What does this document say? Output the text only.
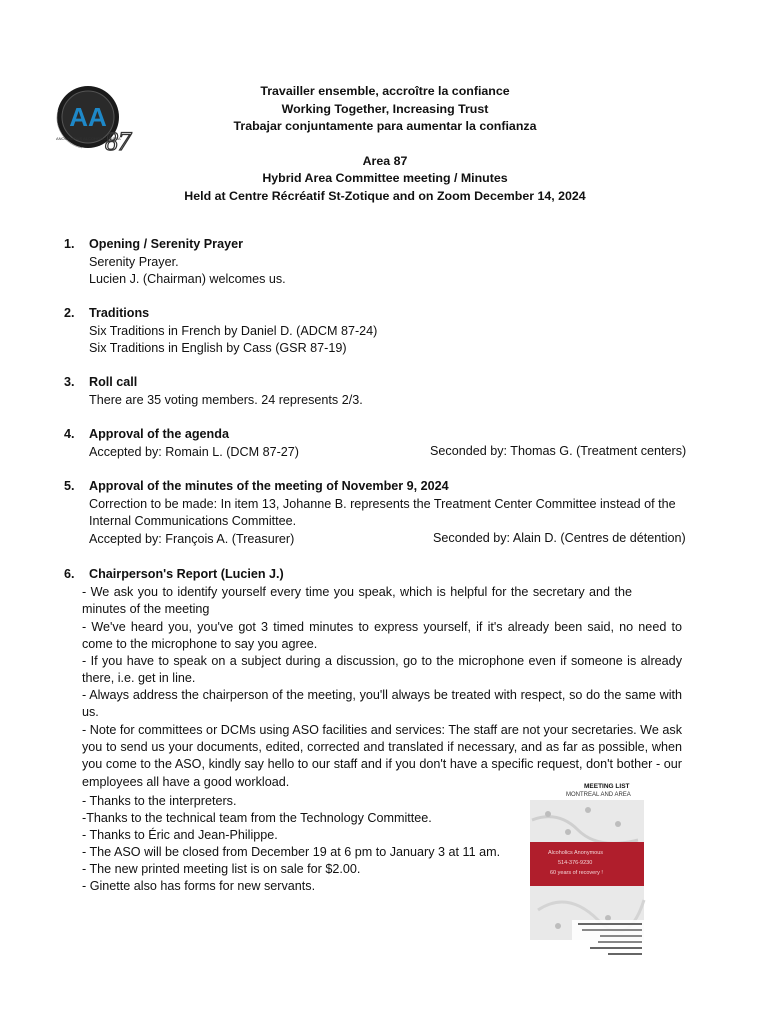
AA
87
ANONYMOUS ALCOHOLICS AREA
Travailler ensemble, accroître la confiance
Working Together, Increasing Trust
Trabajar conjuntamente para aumentar la confianza
Area 87
Hybrid Area Committee meeting / Minutes
Held at Centre Récréatif St-Zotique and on Zoom December 14, 2024
1. Opening / Serenity Prayer
Serenity Prayer.
Lucien J. (Chairman) welcomes us.
2. Traditions
Six Traditions in French by Daniel D. (ADCM 87-24)
Six Traditions in English by Cass (GSR 87-19)
3. Roll call
There are 35 voting members. 24 represents 2/3.
4. Approval of the agenda
Accepted by: Romain L. (DCM 87-27)	Seconded by: Thomas G. (Treatment centers)
5. Approval of the minutes of the meeting of November 9, 2024
Correction to be made: In item 13, Johanne B. represents the Treatment Center Committee instead of the
Internal Communications Committee.
Accepted by: François A. (Treasurer)	Seconded by: Alain D. (Centres de détention)
6. Chairperson's Report (Lucien J.)
- We ask you to identify yourself every time you speak, which is helpful for the secretary and the minutes of the meeting
- We've heard you, you've got 3 timed minutes to express yourself, if it's already been said, no need to come to the microphone to say you agree.
- If you have to speak on a subject during a discussion, go to the microphone even if someone is already there, i.e. get in line.
- Always address the chairperson of the meeting, you'll always be treated with respect, so do the same with us.
- Note for committees or DCMs using ASO facilities and services: The staff are not your secretaries. We ask you to send us your documents, edited, corrected and translated if necessary, and as far as possible, when you come to the ASO, kindly say hello to our staff and if you don't have a specific request, don't bother - our employees all have a good workload.
- Thanks to the interpreters.
-Thanks to the technical team from the Technology Committee.
- Thanks to Éric and Jean-Philippe.
- The ASO will be closed from December 19 at 6 pm to January 3 at 11 am.
- The new printed meeting list is on sale for $2.00.
- Ginette also has forms for new servants.
MEETING LIST
MONTREAL AND AREA
Alcoholics Anonymous
514-376-9230
60 years of recovery !
